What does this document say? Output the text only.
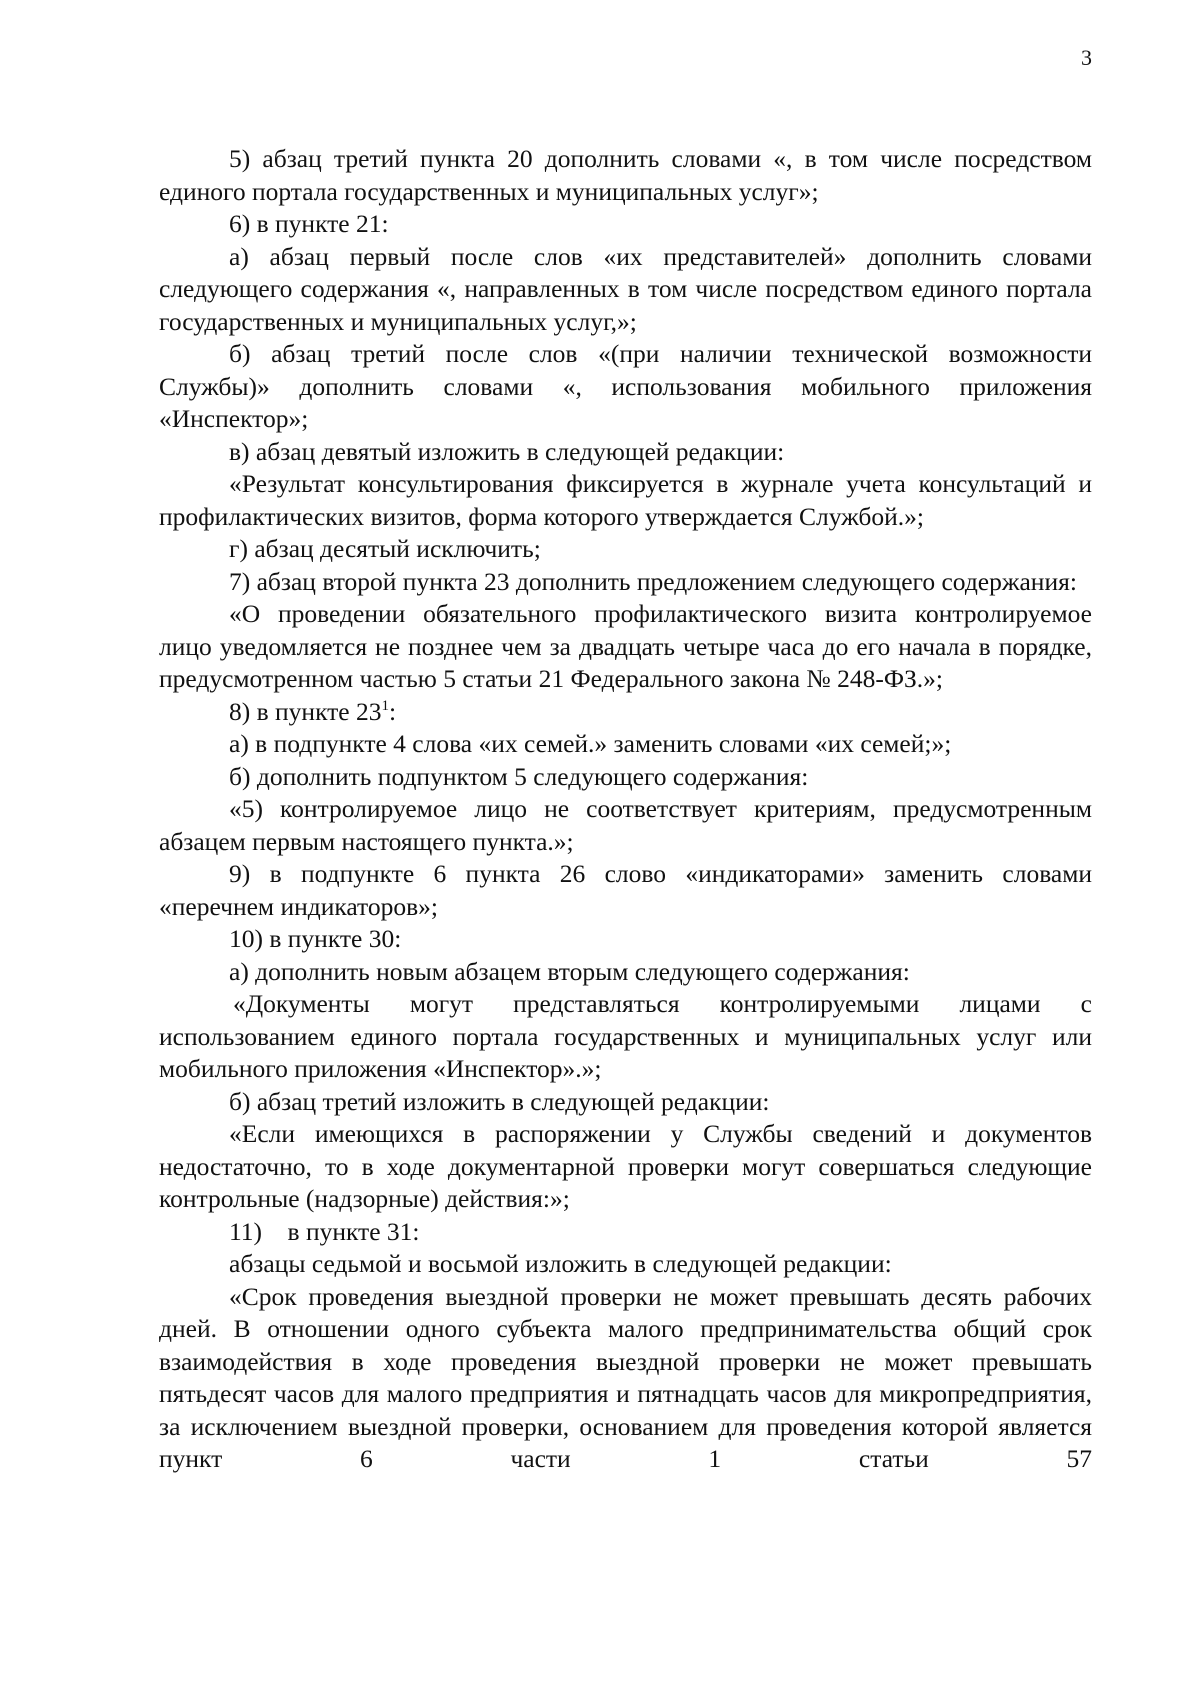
3

5) абзац третий пункта 20 дополнить словами «, в том числе посредством единого портала государственных и муниципальных услуг»;

6) в пункте 21:

а) абзац первый после слов «их представителей» дополнить словами следующего содержания «, направленных в том числе посредством единого портала государственных и муниципальных услуг,»;

б) абзац третий после слов «(при наличии технической возможности Службы)» дополнить словами «, использования мобильного приложения «Инспектор»;

в) абзац девятый изложить в следующей редакции:

«Результат консультирования фиксируется в журнале учета консультаций и профилактических визитов, форма которого утверждается Службой.»;

г) абзац десятый исключить;

7) абзац второй пункта 23 дополнить предложением следующего содержания:

«О проведении обязательного профилактического визита контролируемое лицо уведомляется не позднее чем за двадцать четыре часа до его начала в порядке, предусмотренном частью 5 статьи 21 Федерального закона № 248-ФЗ.»;

8) в пункте $23^1$:

а) в подпункте 4 слова «их семей.» заменить словами «их семей;»;

б) дополнить подпунктом 5 следующего содержания:

«5) контролируемое лицо не соответствует критериям, предусмотренным абзацем первым настоящего пункта.»;

9) в подпункте 6 пункта 26 слово «индикаторами» заменить словами «перечнем индикаторов»;

10) в пункте 30:

а) дополнить новым абзацем вторым следующего содержания:

«Документы могут представляться контролируемыми лицами с использованием единого портала государственных и муниципальных услуг или мобильного приложения «Инспектор».»;

б) абзац третий изложить в следующей редакции:

«Если имеющихся в распоряжении у Службы сведений и документов недостаточно, то в ходе документарной проверки могут совершаться следующие контрольные (надзорные) действия:»;

11)    в пункте 31:

абзацы седьмой и восьмой изложить в следующей редакции:

«Срок проведения выездной проверки не может превышать десять рабочих дней. В отношении одного субъекта малого предпринимательства общий срок взаимодействия в ходе проведения выездной проверки не может превышать пятьдесят часов для малого предприятия и пятнадцать часов для микропредприятия, за исключением выездной проверки, основанием для проведения которой является пункт 6 части 1 статьи 57
